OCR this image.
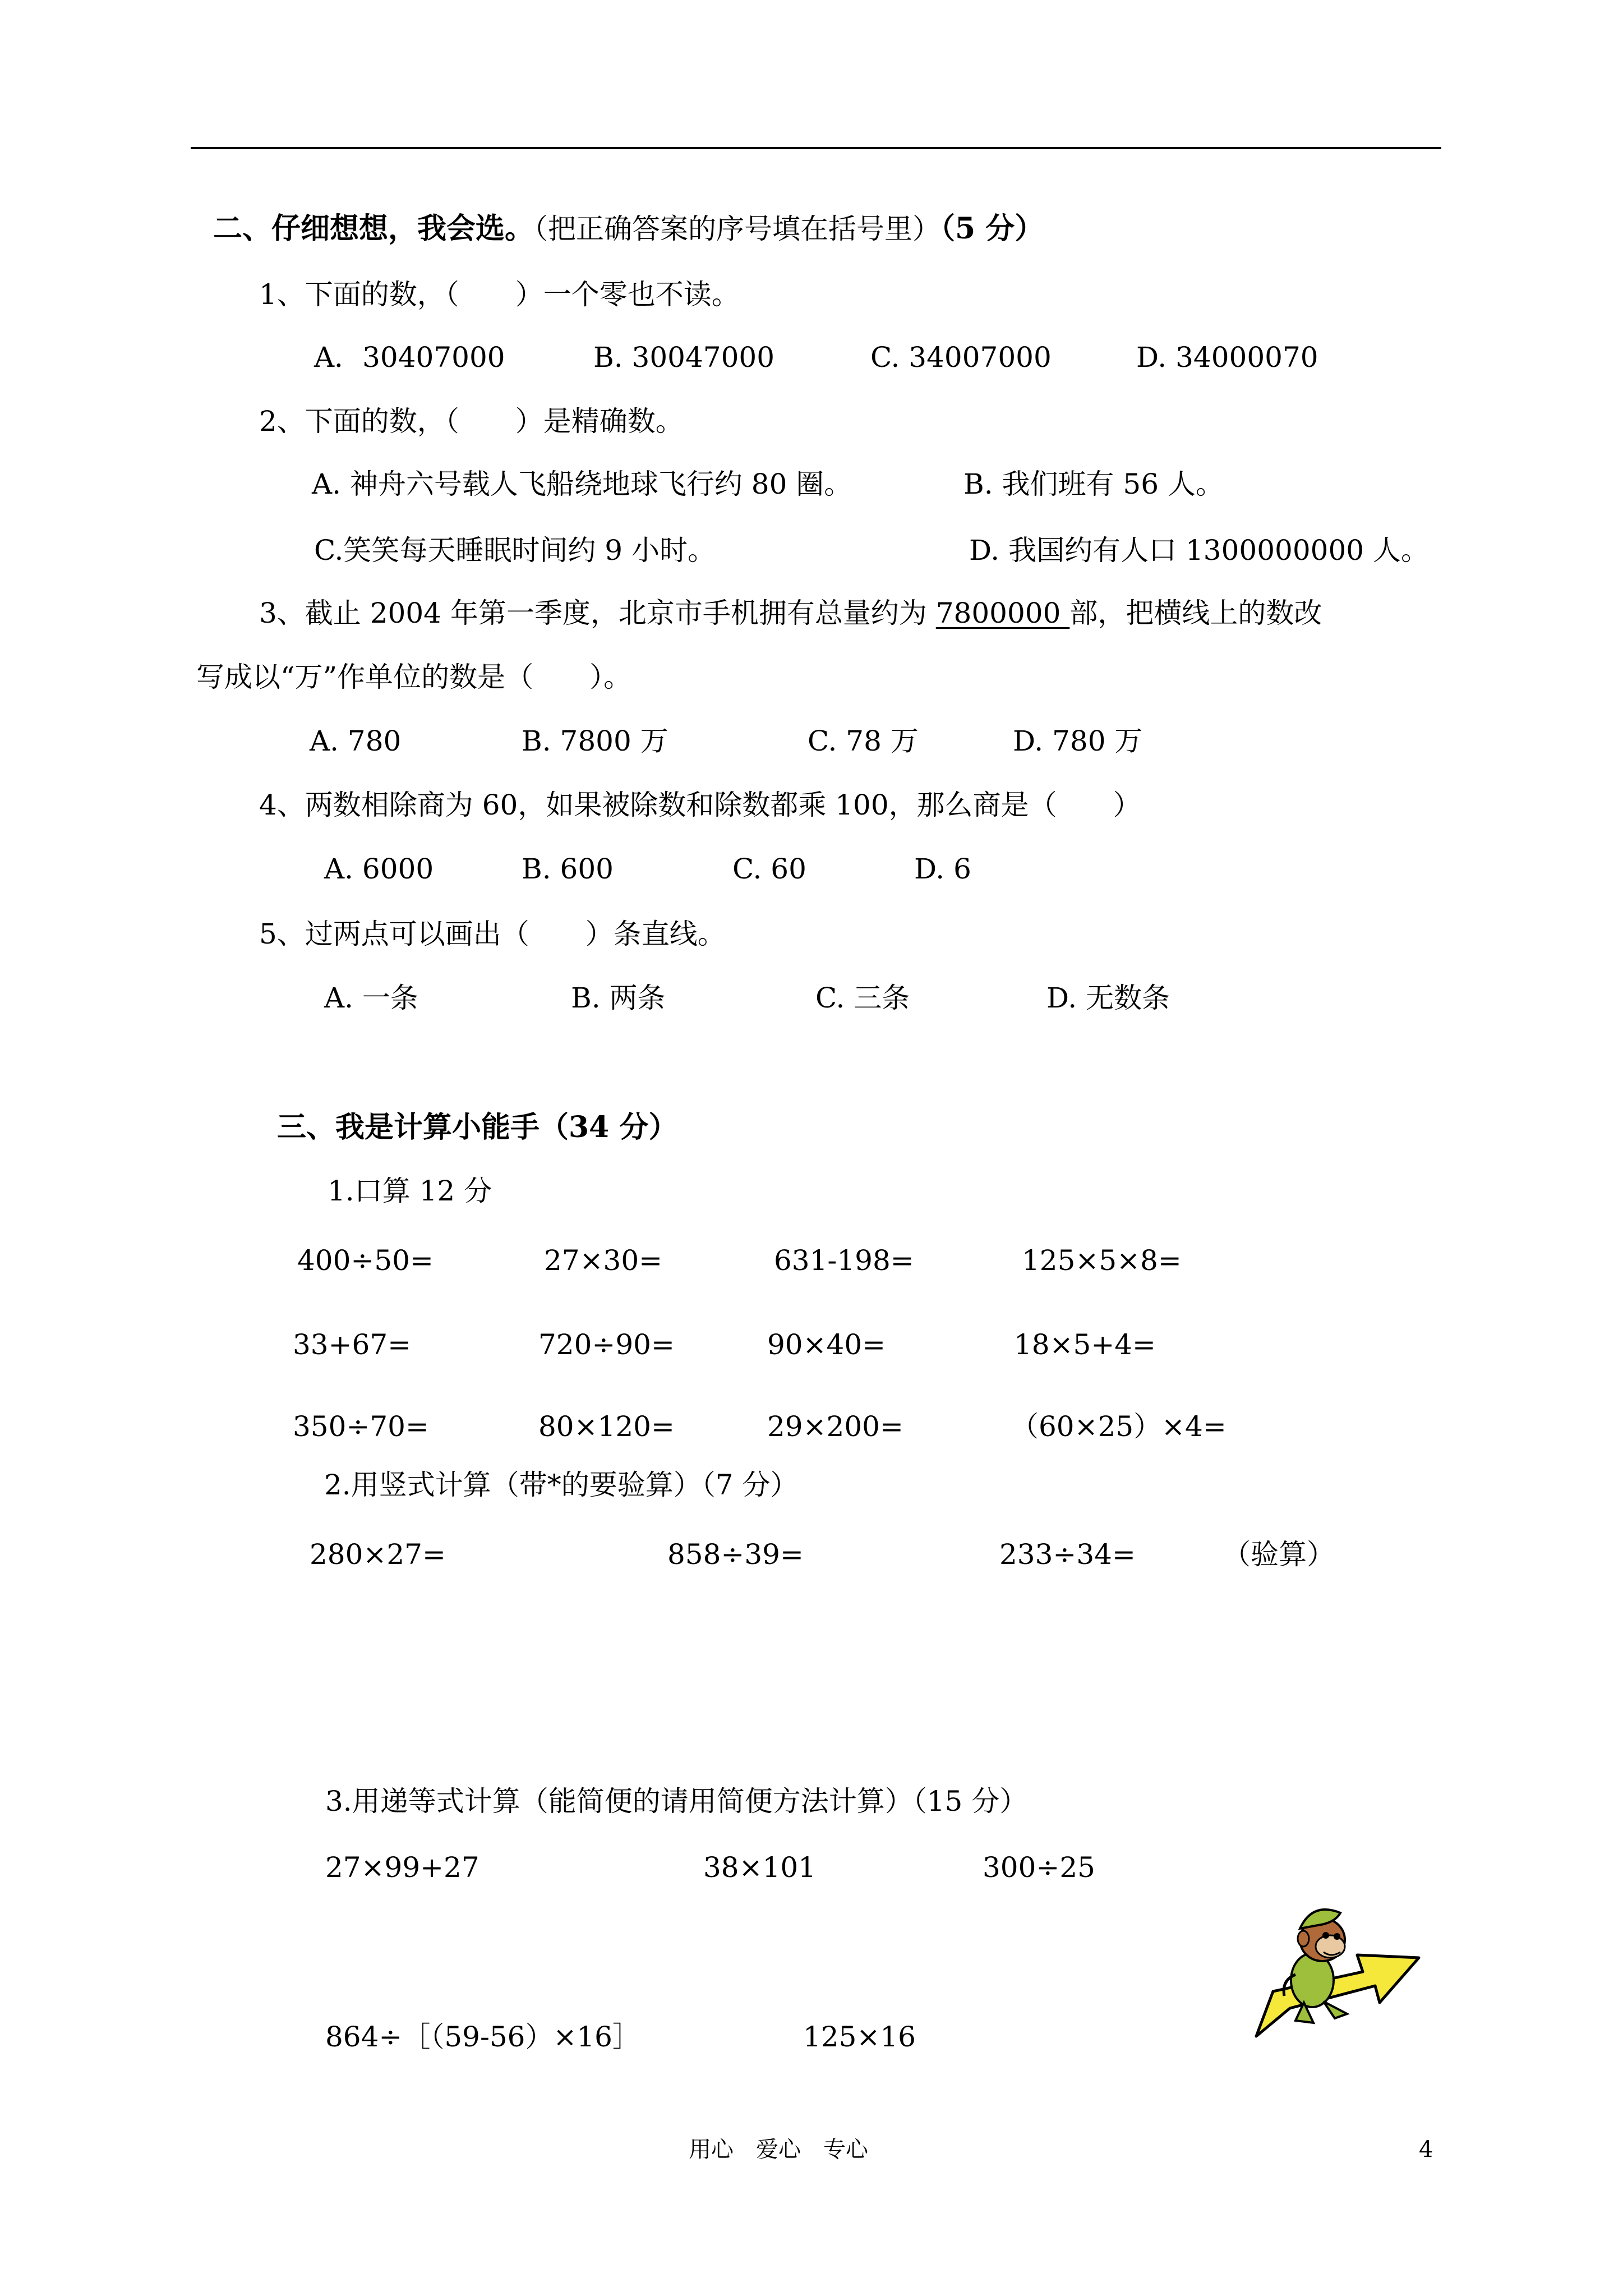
二、仔细想想，我会选。（把正确答案的序号填在括号里）（5 分）
1、下面的数，（　　）一个零也不读。
A．30407000	B. 30047000	C. 34007000	D. 34000070
2、下面的数，（　　）是精确数。
A. 神舟六号载人飞船绕地球飞行约 80 圈。	B. 我们班有 56 人。
C.笑笑每天睡眠时间约 9 小时。	D. 我国约有人口 1300000000 人。
3、截止 2004 年第一季度，北京市手机拥有总量约为 7800000 部，把横线上的数改
写成以“万”作单位的数是（　　）。
A. 780	B. 7800 万	C. 78 万	D. 780 万
4、两数相除商为 60，如果被除数和除数都乘 100，那么商是（　　）
A. 6000	B. 600	C. 60	D. 6
5、过两点可以画出（　　）条直线。
A. 一条	B. 两条	C. 三条	D. 无数条
三、我是计算小能手（34 分）
1.口算 12 分
400÷50=	27×30=	631-198=	125×5×8=
33+67=	720÷90=	90×40=	18×5+4=
350÷70=	80×120=	29×200=	（60×25）×4=
2.用竖式计算（带*的要验算）（7 分）
280×27=	858÷39=	233÷34=	（验算）
3.用递等式计算（能简便的请用简便方法计算）（15 分）
27×99+27	38×101	300÷25
864÷［（59-56）×16］	125×16
用心　爱心　专心	4
